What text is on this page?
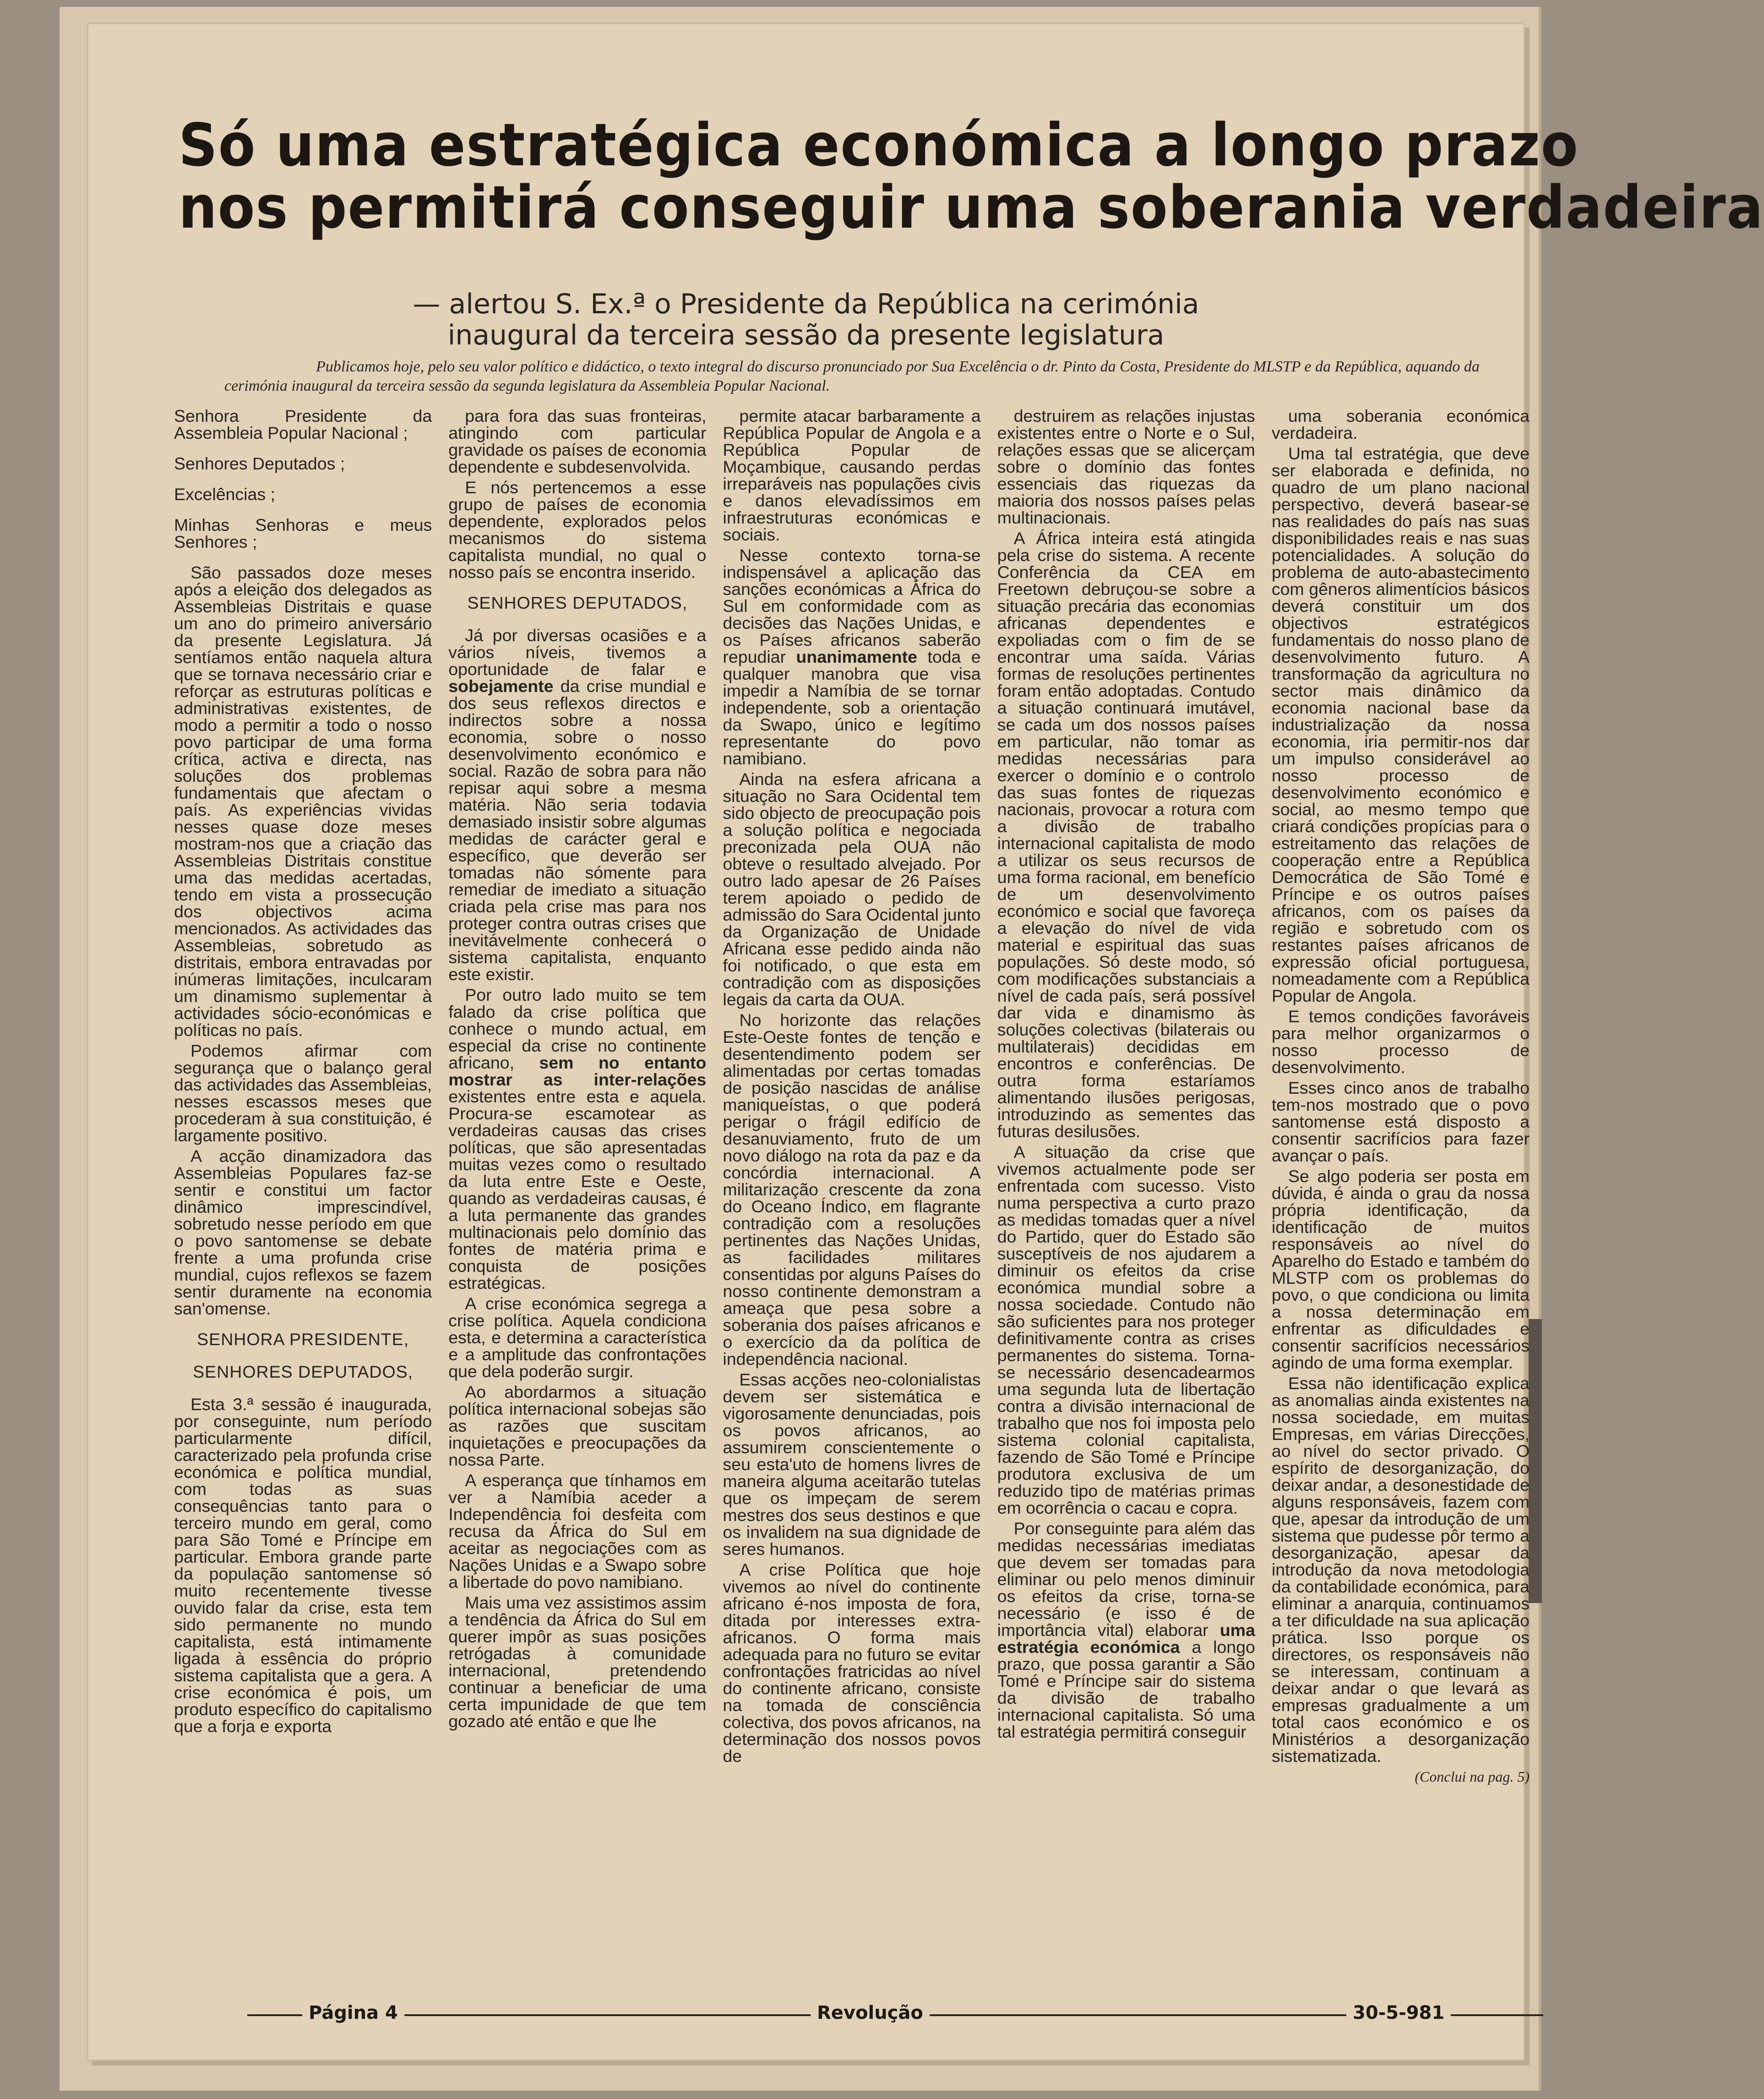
Só uma estratégica económica a longo prazo
nos permitirá conseguir uma soberania verdadeira
— alertou S. Ex.ª o Presidente da República na cerimónia
inaugural da terceira sessão da presente legislatura
Publicamos hoje, pelo seu valor político e didáctico, o texto integral do discurso pronunciado por Sua Excelência o dr. Pinto da Costa, Presidente do MLSTP e da República, aquando da cerimónia inaugural da terceira sessão da segunda legislatura da Assembleia Popular Nacional.

Senhora Presidente da Assembleia Popular Nacional ;

Senhores Deputados ;

Excelências ;

Minhas Senhoras e meus Senhores ;

São passados doze meses após a eleição dos delegados as Assembleias Distritais e quase um ano do primeiro aniversário da presente Legislatura. Já sentíamos então naquela altura que se tornava necessário criar e reforçar as estruturas políticas e administrativas existentes, de modo a permitir a todo o nosso povo participar de uma forma crítica, activa e directa, nas soluções dos problemas fundamentais que afectam o país. As experiências vividas nesses quase doze meses mostram-nos que a criação das Assembleias Distritais constitue uma das medidas acertadas, tendo em vista a prossecução dos objectivos acima mencionados. As actividades das Assembleias, sobretudo as distritais, embora entravadas por inúmeras limitações, inculcaram um dinamismo suplementar à actividades sócio-económicas e políticas no país.

Podemos afirmar com segurança que o balanço geral das actividades das Assembleias, nesses escassos meses que procederam à sua constituição, é largamente positivo.

A acção dinamizadora das Assembleias Populares faz-se sentir e constitui um factor dinâmico imprescindível, sobretudo nesse período em que o povo santomense se debate frente a uma profunda crise mundial, cujos reflexos se fazem sentir duramente na economia san'omense.

SENHORA PRESIDENTE,

SENHORES DEPUTADOS,

Esta 3.ª sessão é inaugurada, por conseguinte, num período particularmente difícil, caracterizado pela profunda crise económica e política mundial, com todas as suas consequências tanto para o terceiro mundo em geral, como para São Tomé e Príncipe em particular. Embora grande parte da população santomense só muito recentemente tivesse ouvido falar da crise, esta tem sido permanente no mundo capitalista, está intimamente ligada à essência do próprio sistema capitalista que a gera. A crise económica é pois, um produto específico do capitalismo que a forja e exporta

para fora das suas fronteiras, atingindo com particular gravidade os países de economia dependente e subdesenvolvida.

E nós pertencemos a esse grupo de países de economia dependente, explorados pelos mecanismos do sistema capitalista mundial, no qual o nosso país se encontra inserido.

SENHORES DEPUTADOS,

Já por diversas ocasiões e a vários níveis, tivemos a oportunidade de falar e sobejamente da crise mundial e dos seus reflexos directos e indirectos sobre a nossa economia, sobre o nosso desenvolvimento económico e social. Razão de sobra para não repisar aqui sobre a mesma matéria. Não seria todavia demasiado insistir sobre algumas medidas de carácter geral e específico, que deverão ser tomadas não sómente para remediar de imediato a situação criada pela crise mas para nos proteger contra outras crises que inevitávelmente conhecerá o sistema capitalista, enquanto este existir.

Por outro lado muito se tem falado da crise política que conhece o mundo actual, em especial da crise no continente africano, sem no entanto mostrar as inter-relações existentes entre esta e aquela. Procura-se escamotear as verdadeiras causas das crises políticas, que são apresentadas muitas vezes como o resultado da luta entre Este e Oeste, quando as verdadeiras causas, é a luta permanente das grandes multinacionais pelo domínio das fontes de matéria prima e conquista de posições estratégicas.

A crise económica segrega a crise política. Aquela condiciona esta, e determina a característica e a amplitude das confrontações que dela poderão surgir.

Ao abordarmos a situação política internacional sobejas são as razões que suscitam inquietações e preocupações da nossa Parte.

A esperança que tínhamos em ver a Namíbia aceder a Independência foi desfeita com recusa da África do Sul em aceitar as negociações com as Nações Unidas e a Swapo sobre a libertade do povo namibiano.

Mais uma vez assistimos assim a tendência da África do Sul em querer impôr as suas posições retrógadas à comunidade internacional, pretendendo continuar a beneficiar de uma certa impunidade de que tem gozado até então e que lhe

permite atacar barbaramente a República Popular de Angola e a República Popular de Moçambique, causando perdas irreparáveis nas populações civis e danos elevadíssimos em infraestruturas económicas e sociais.

Nesse contexto torna-se indispensável a aplicação das sanções económicas a África do Sul em conformidade com as decisões das Nações Unidas, e os Países africanos saberão repudiar unanimamente toda e qualquer manobra que visa impedir a Namíbia de se tornar independente, sob a orientação da Swapo, único e legítimo representante do povo namibiano.

Ainda na esfera africana a situação no Sara Ocidental tem sido objecto de preocupação pois a solução política e negociada preconizada pela OUA não obteve o resultado alvejado. Por outro lado apesar de 26 Países terem apoiado o pedido de admissão do Sara Ocidental junto da Organização de Unidade Africana esse pedido ainda não foi notificado, o que esta em contradição com as disposições legais da carta da OUA.

No horizonte das relações Este-Oeste fontes de tenção e desentendimento podem ser alimentadas por certas tomadas de posição nascidas de análise maniqueístas, o que poderá perigar o frágil edifício de desanuviamento, fruto de um novo diálogo na rota da paz e da concórdia internacional. A militarização crescente da zona do Oceano Índico, em flagrante contradição com a resoluções pertinentes das Nações Unidas, as facilidades militares consentidas por alguns Países do nosso continente demonstram a ameaça que pesa sobre a soberania dos países africanos e o exercício da da política de independência nacional.

Essas acções neo-colonialistas devem ser sistemática e vigorosamente denunciadas, pois os povos africanos, ao assumirem conscientemente o seu esta'uto de homens livres de maneira alguma aceitarão tutelas que os impeçam de serem mestres dos seus destinos e que os invalidem na sua dignidade de seres humanos.

A crise Política que hoje vivemos ao nível do continente africano é-nos imposta de fora, ditada por interesses extra-africanos. O forma mais adequada para no futuro se evitar confrontações fratricidas ao nível do continente africano, consiste na tomada de consciência colectiva, dos povos africanos, na determinação dos nossos povos de

destruirem as relações injustas existentes entre o Norte e o Sul, relações essas que se alicerçam sobre o domínio das fontes essenciais das riquezas da maioria dos nossos países pelas multinacionais.

A África inteira está atingida pela crise do sistema. A recente Conferência da CEA em Freetown debruçou-se sobre a situação precária das economias africanas dependentes e expoliadas com o fim de se encontrar uma saída. Várias formas de resoluções pertinentes foram então adoptadas. Contudo a situação continuará imutável, se cada um dos nossos países em particular, não tomar as medidas necessárias para exercer o domínio e o controlo das suas fontes de riquezas nacionais, provocar a rotura com a divisão de trabalho internacional capitalista de modo a utilizar os seus recursos de uma forma racional, em benefício de um desenvolvimento económico e social que favoreça a elevação do nível de vida material e espiritual das suas populações. Só deste modo, só com modificações substanciais a nível de cada país, será possível dar vida e dinamismo às soluções colectivas (bilaterais ou multilaterais) decididas em encontros e conferências. De outra forma estaríamos alimentando ilusões perigosas, introduzindo as sementes das futuras desilusões.

A situação da crise que vivemos actualmente pode ser enfrentada com sucesso. Visto numa perspectiva a curto prazo as medidas tomadas quer a nível do Partido, quer do Estado são susceptíveis de nos ajudarem a diminuir os efeitos da crise económica mundial sobre a nossa sociedade. Contudo não são suficientes para nos proteger definitivamente contra as crises permanentes do sistema. Torna-se necessário desencadearmos uma segunda luta de libertação contra a divisão internacional de trabalho que nos foi imposta pelo sistema colonial capitalista, fazendo de São Tomé e Príncipe produtora exclusiva de um reduzido tipo de matérias primas em ocorrência o cacau e copra.

Por conseguinte para além das medidas necessárias imediatas que devem ser tomadas para eliminar ou pelo menos diminuir os efeitos da crise, torna-se necessário (e isso é de importância vital) elaborar uma estratégia económica a longo prazo, que possa garantir a São Tomé e Príncipe sair do sistema da divisão de trabalho internacional capitalista. Só uma tal estratégia permitirá conseguir

uma soberania económica verdadeira.

Uma tal estratégia, que deve ser elaborada e definida, no quadro de um plano nacional perspectivo, deverá basear-se nas realidades do país nas suas disponibilidades reais e nas suas potencialidades. A solução do problema de auto-abastecimento com gêneros alimentícios básicos deverá constituir um dos objectivos estratégicos fundamentais do nosso plano de desenvolvimento futuro. A transformação da agricultura no sector mais dinâmico da economia nacional base da industrialização da nossa economia, iria permitir-nos dar um impulso considerável ao nosso processo de desenvolvimento económico e social, ao mesmo tempo que criará condições propícias para o estreitamento das relações de cooperação entre a República Democrática de São Tomé e Príncipe e os outros países africanos, com os países da região e sobretudo com os restantes países africanos de expressão oficial portuguesa, nomeadamente com a República Popular de Angola.

E temos condições favoráveis para melhor organizarmos o nosso processo de desenvolvimento.

Esses cinco anos de trabalho tem-nos mostrado que o povo santomense está disposto a consentir sacrifícios para fazer avançar o país.

Se algo poderia ser posta em dúvida, é ainda o grau da nossa própria identificação, da identificação de muitos responsáveis ao nível do Aparelho do Estado e também do MLSTP com os problemas do povo, o que condiciona ou limita a nossa determinação em enfrentar as dificuldades e consentir sacrifícios necessários agindo de uma forma exemplar.

Essa não identificação explica as anomalias ainda existentes na nossa sociedade, em muitas Empresas, em várias Direcções, ao nível do sector privado. O espírito de desorganização, do deixar andar, a desonestidade de alguns responsáveis, fazem com que, apesar da introdução de um sistema que pudesse pôr termo a desorganização, apesar da introdução da nova metodologia da contabilidade económica, para eliminar a anarquia, continuamos a ter dificuldade na sua aplicação prática. Isso porque os directores, os responsáveis não se interessam, continuam a deixar andar o que levará as empresas gradualmente a um total caos económico e os Ministérios a desorganização sistematizada.

(Conclui na pag. 5)

Página 4	Revolução	30-5-981
